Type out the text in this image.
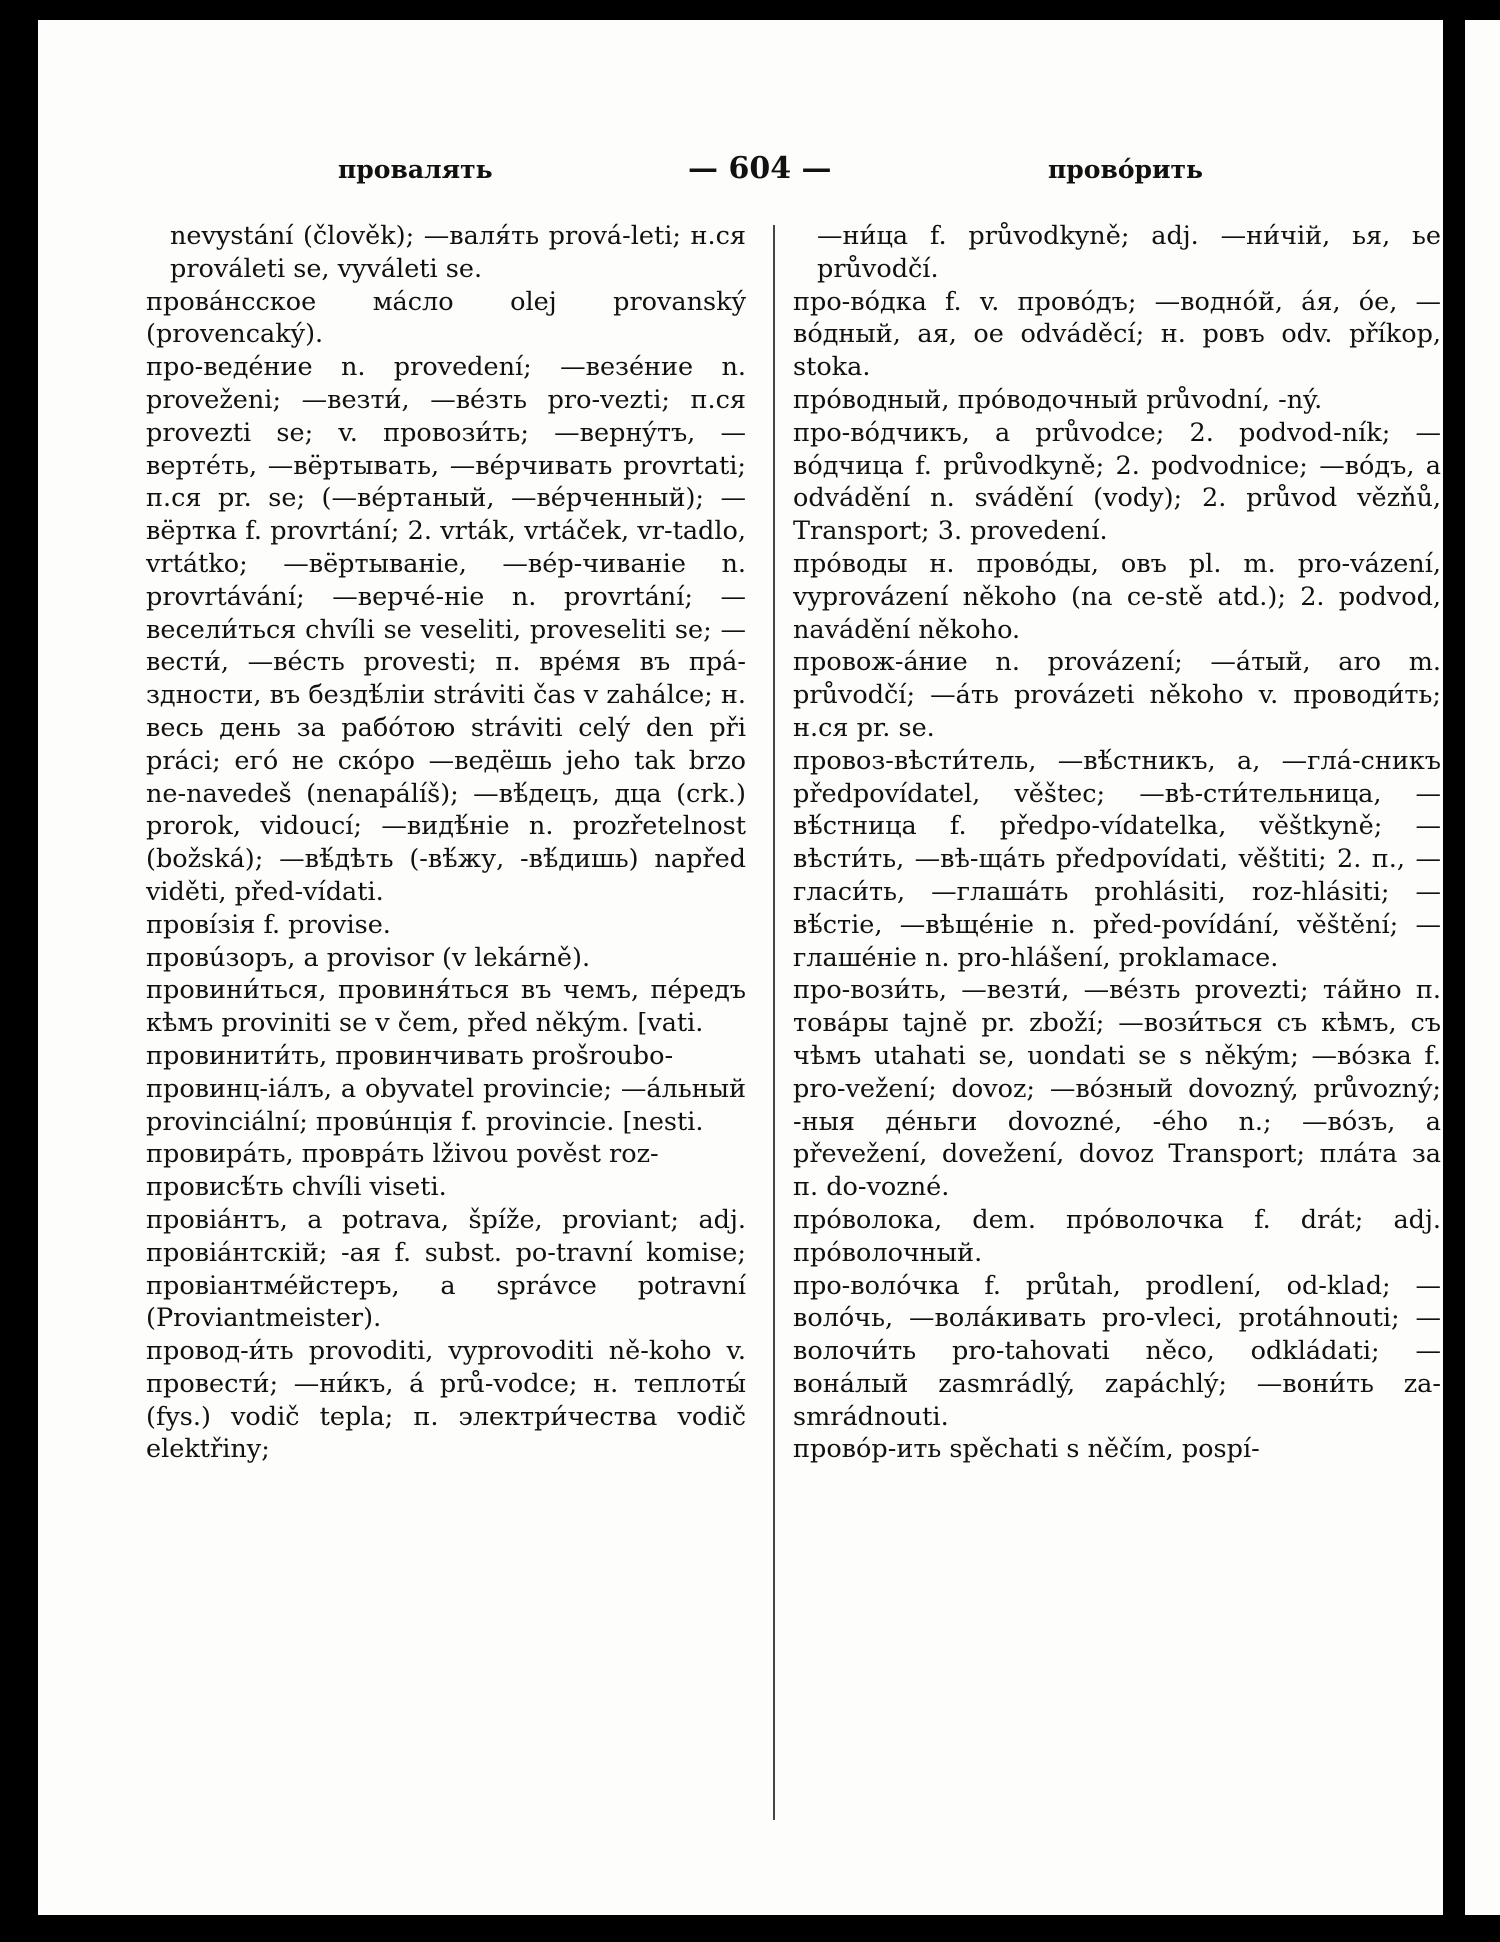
провалять	— 604 —	провóрить

nevystání (člověk); —валя́ть prová-leti; н.ся prováleti se, vyváleti se.

провáнсское мáсло olej provanský (provencaký).

про-ведéние n. provedení; —везéние n. proveženi; —везти́, —вéзть pro-vezti; п.ся provezti se; v. провози́ть; —вернýтъ, —вертéть, —вёртывать, —вéрчивать provrtati; п.ся pr. se; (—вéртаный, —вéрченный); —вёртка f. provrtání; 2. vrták, vrtáček, vr-tadlo, vrtátko; —вёртываніе, —вéр-чиваніе n. provrtávání; —верчé-ніе n. provrtání; —весели́ться chvíli se veseliti, proveseliti se; —вести́, —вéсть provesti; п. врéмя въ прá-здности, въ бездѣ́ліи stráviti čas v zahálce; н. весь день за рабóтою stráviti celý den při práci; егó не скóро —ведёшь jeho tak brzo ne-navedeš (nenapálíš); —вѣ́децъ, дца (crk.) prorok, vidoucí; —видѣ́ніе n. prozřetelnost (božská); —вѣ́дѣть (-вѣ́жу, -вѣ́дишь) napřed viděti, před-vídati.

провíзія f. provise.

провúзоръ, a provisor (v lekárně).

провини́ться, провиня́ться въ чемъ, пéредъ кѣмъ proviniti se v čem, před někým. [vati.

провинити́ть, провинчивать prošroubo-

провинц-iáлъ, a obyvatel provincie; —áльный provinciální; провúнція f. provincie. [nesti.

провирáть, проврáть lživou pověst roz-

провисѣ́ть chvíli viseti.

провіáнтъ, a potrava, špíže, proviant; adj. провіáнтскій; -ая f. subst. po-travní komise; провіантмéйстеръ, a správce potravní (Proviantmeister).

провод-и́ть provoditi, vyprovoditi ně-koho v. провести́; —ни́къ, á prů-vodce; н. теплоты́ (fys.) vodič tepla; п. электри́чества vodič elektřiny;

—ни́ца f. průvodkyně; adj. —ни́чій, ья, ье průvodčí.

про-вóдка f. v. провóдъ; —воднóй, áя, óе, —вóдный, ая, ое odváděcí; н. ровъ odv. příkop, stoka.

прóводный, прóводочный průvodní, -ný.

про-вóдчикъ, a průvodce; 2. podvod-ník; —вóдчица f. průvodkyně; 2. podvodnice; —вóдъ, a odvádění n. svádění (vody); 2. průvod vězňů, Transport; 3. provedení.

прóводы н. провóды, овъ pl. m. pro-vázení, vyprovázení někoho (na ce-stě atd.); 2. podvod, navádění někoho.

провож-áние n. provázení; —áтый, aro m. průvodčí; —áть provázeti někoho v. проводи́ть; н.ся pr. se.

провоз-вѣсти́тель, —вѣ́стникъ, a, —глá-сникъ předpovídatel, věštec; —вѣ-сти́тельница, —вѣ́стница f. předpo-vídatelka, věštkyně; —вѣсти́ть, —вѣ-щáть předpovídati, věštiti; 2. п., —гласи́ть, —глашáть prohlásiti, roz-hlásiti; —вѣ́стіе, —вѣщéніе n. před-povídání, věštění; —глашéніе n. pro-hlášení, proklamace.

про-вози́ть, —везти́, —вéзть provezti; тáйно п. товáры tajně pr. zboží; —вози́ться съ кѣмъ, съ чѣмъ utahati se, uondati se s někým; —вóзка f. pro-vežení; dovoz; —вóзный dovozný, průvozný; -ныя дéньги dovozné, -ého n.; —вóзъ, a převežení, dovežení, dovoz Transport; плáта за п. do-vozné.

прóволока, dem. прóволочка f. drát; adj. прóволочный.

про-волóчка f. průtah, prodlení, od-klad; —волóчь, —волáкивать pro-vleci, protáhnouti; —волочи́ть pro-tahovati něco, odkládati; —вонáлый zasmrádlý, zapáchlý; —вони́ть za-smrádnouti.

провóр-ить spěchati s něčím, pospí-
